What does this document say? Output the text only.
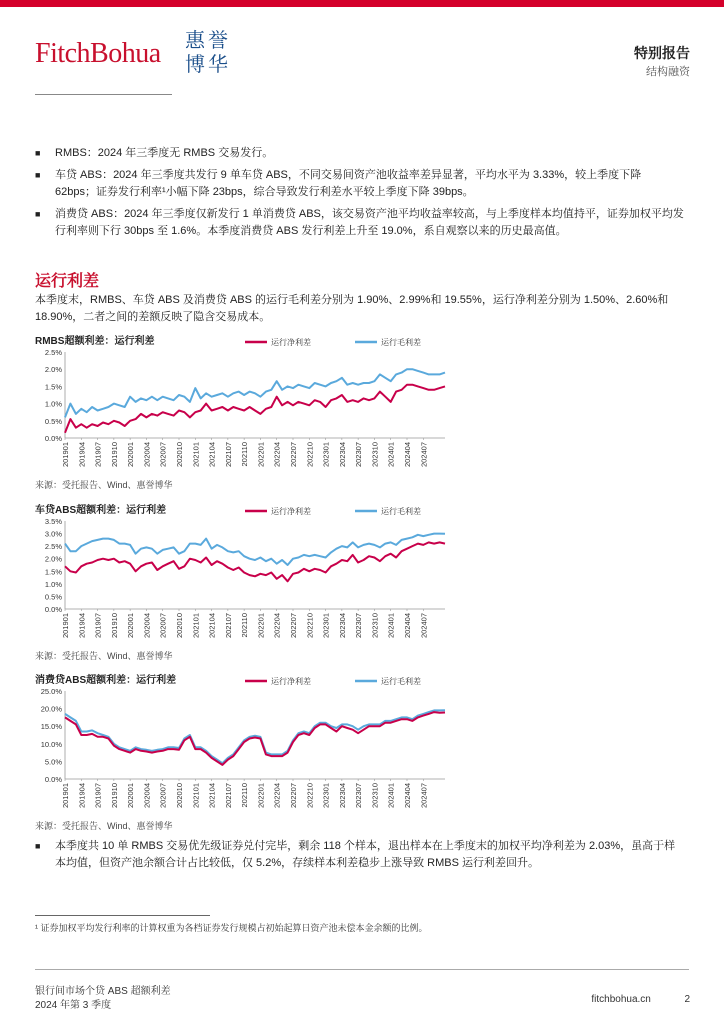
FitchBohua 惠誉博华	特别报告
结构融资
■ RMBS：2024 年三季度无 RMBS 交易发行。
■ 车贷 ABS：2024 年三季度共发行 9 单车贷 ABS，不同交易间资产池收益率差异显著，平均水平为 3.33%，较上季度下降 62bps；证券发行利率¹小幅下降 23bps，综合导致发行利差水平较上季度下降 39bps。
■ 消费贷 ABS：2024 年三季度仅新发行 1 单消费贷 ABS，该交易资产池平均收益率较高，与上季度样本均值持平，证券加权平均发行利率则下行 30bps 至 1.6%。本季度消费贷 ABS 发行利差上升至 19.0%，系自观察以来的历史最高值。
运行利差
本季度末，RMBS、车贷 ABS 及消费贷 ABS 的运行毛利差分别为 1.90%、2.99%和 19.55%，运行净利差分别为 1.50%、2.60%和 18.90%，二者之间的差额反映了隐含交易成本。
RMBS超额利差：运行利差
0.0%
0.5%
1.0%
1.5%
2.0%
2.5%
201901 201904 201907 201910 202001 202004 202007 202010 202101 202104 202107 202110 202201 202204 202207 202210 202301 202304 202307 202310 202401 202404 202407
运行净利差	运行毛利差
来源：受托报告、Wind、惠誉博华
车贷ABS超额利差：运行利差
0.0%
0.5%
1.0%
1.5%
2.0%
2.5%
3.0%
3.5%
201901 201904 201907 201910 202001 202004 202007 202010 202101 202104 202107 202110 202201 202204 202207 202210 202301 202304 202307 202310 202401 202404 202407
运行净利差	运行毛利差
来源：受托报告、Wind、惠誉博华
消费贷ABS超额利差：运行利差
0.0%
5.0%
10.0%
15.0%
20.0%
25.0%
201901 201904 201907 201910 202001 202004 202007 202010 202101 202104 202107 202110 202201 202204 202207 202210 202301 202304 202307 202310 202401 202404 202407
运行净利差	运行毛利差
来源：受托报告、Wind、惠誉博华
■ 本季度共 10 单 RMBS 交易优先级证券兑付完毕，剩余 118 个样本，退出样本在上季度末的加权平均净利差为 2.03%，虽高于样本均值，但资产池余额合计占比较低，仅 5.2%，存续样本利差稳步上涨导致 RMBS 运行利差回升。
¹ 证券加权平均发行利率的计算权重为各档证券发行规模占初始起算日资产池未偿本金余额的比例。
银行间市场个贷 ABS 超额利差
2024 年第 3 季度
fitchbohua.cn	2
